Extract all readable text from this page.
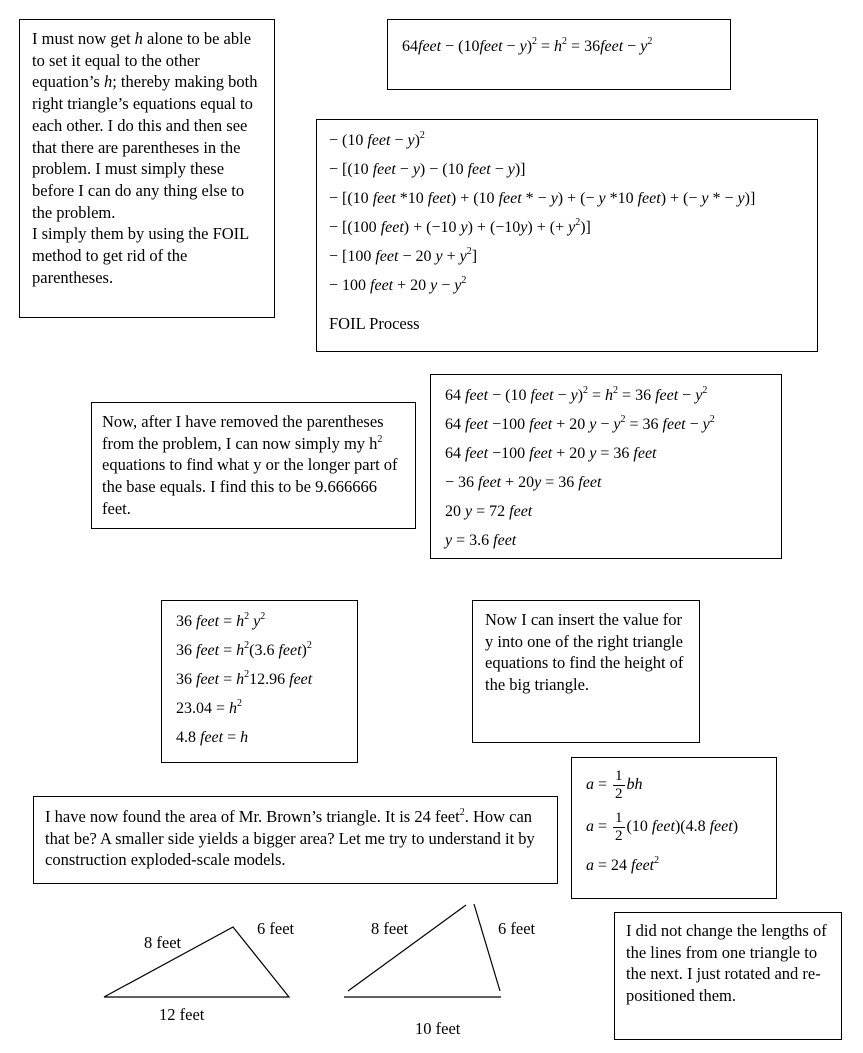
I must now get h alone to be able to set it equal to the other equation’s h; thereby making both right triangle’s equations equal to each other. I do this and then see that there are parentheses in the problem. I must simply these before I can do any thing else to the problem.

I simply them by using the FOIL method to get rid of the parentheses.

64feet − (10feet − $y)^2 = h^2$ = 36feet − $y^2$
− (10 feet − y)$^2$
− [(10 feet − y) − (10 feet − y)]
− [(10 feet *10 feet) + (10 feet * − y) + (− y *10 feet) + (− y * − y)]
− [(100 feet) + (−10 y) + (−10y) + (+ $y^2$)]
− [100 feet − 20 $y + y^2$]
− 100 feet + 20 $y - y^2$
FOIL Process

Now, after I have removed the parentheses from the problem, I can now simply my $h^2$ equations to find what y or the longer part of the base equals. I find this to be 9.666666 feet.

64 feet − (10 feet − $y)^2 = h^2 = 36$ feet − $y^2$
64 feet −100 feet + 20 $y - y^2 = 36$ feet − $y^2$
64 feet −100 feet + 20 y = 36 feet
− 36 feet + 20y = 36 feet
20 y = 72 feet
y = 3.6 feet
36 feet = $h^2$ $y^2$
36 feet = $h^2(3.6$ feet)$^2$
36 feet = $h^212.96$ feet
$23.04 = h^2$
4.8 feet = h

Now I can insert the value for y into one of the right triangle equations to find the height of the big triangle.

$a = \frac{1}{2}$ bh
$a = \frac{1}{2} (10$ feet)(4.8 feet)
a = 24 feet$^2$

I have now found the area of Mr. Brown’s triangle. It is 24 feet$^2$. How can that be? A smaller side yields a bigger area? Let me try to understand it by construction exploded-scale models.

I did not change the lengths of the lines from one triangle to the next. I just rotated and re-positioned them.

8 feet
6 feet
12 feet
8 feet	6 feet
10 feet
